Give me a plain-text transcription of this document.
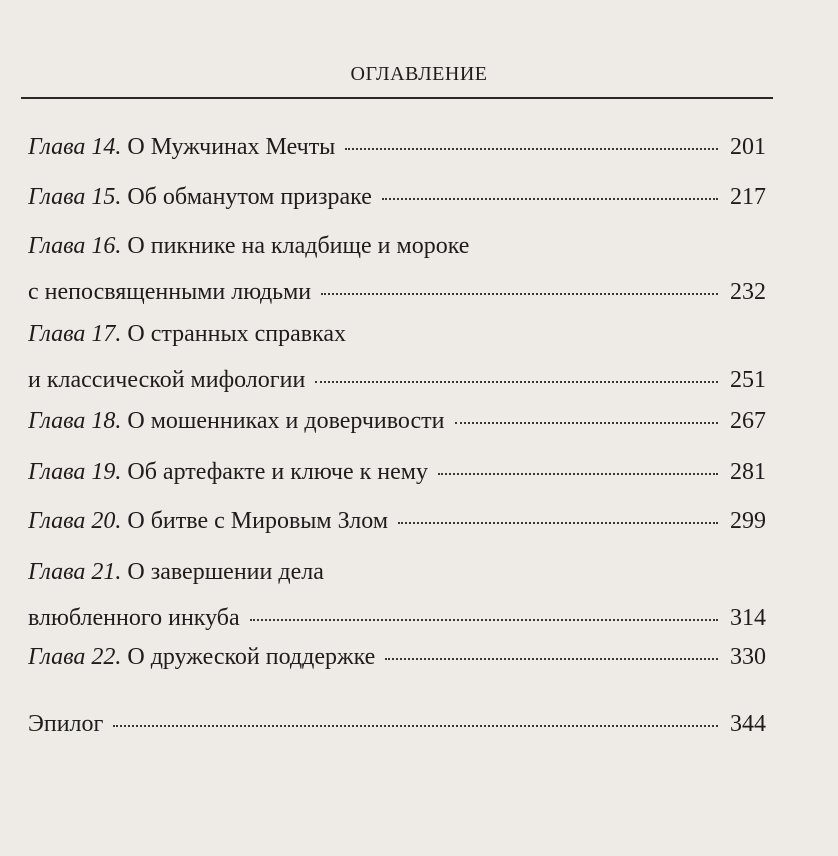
оглавление
Глава 14.
О Мужчинах Мечты	201
Глава 15.
Об обманутом призраке	217
Глава 16. О пикнике на кладбище и мороке
с непосвященными людьми	232
Глава 17. О странных справках
и классической мифологии	251
Глава 18.
О мошенниках и доверчивости	267
Глава 19.
Об артефакте и ключе к нему	281
Глава 20.
О битве с Мировым Злом	299
Глава 21. О завершении дела
влюбленного инкуба	314
Глава 22.
О дружеской поддержке	330
Эпилог	344
